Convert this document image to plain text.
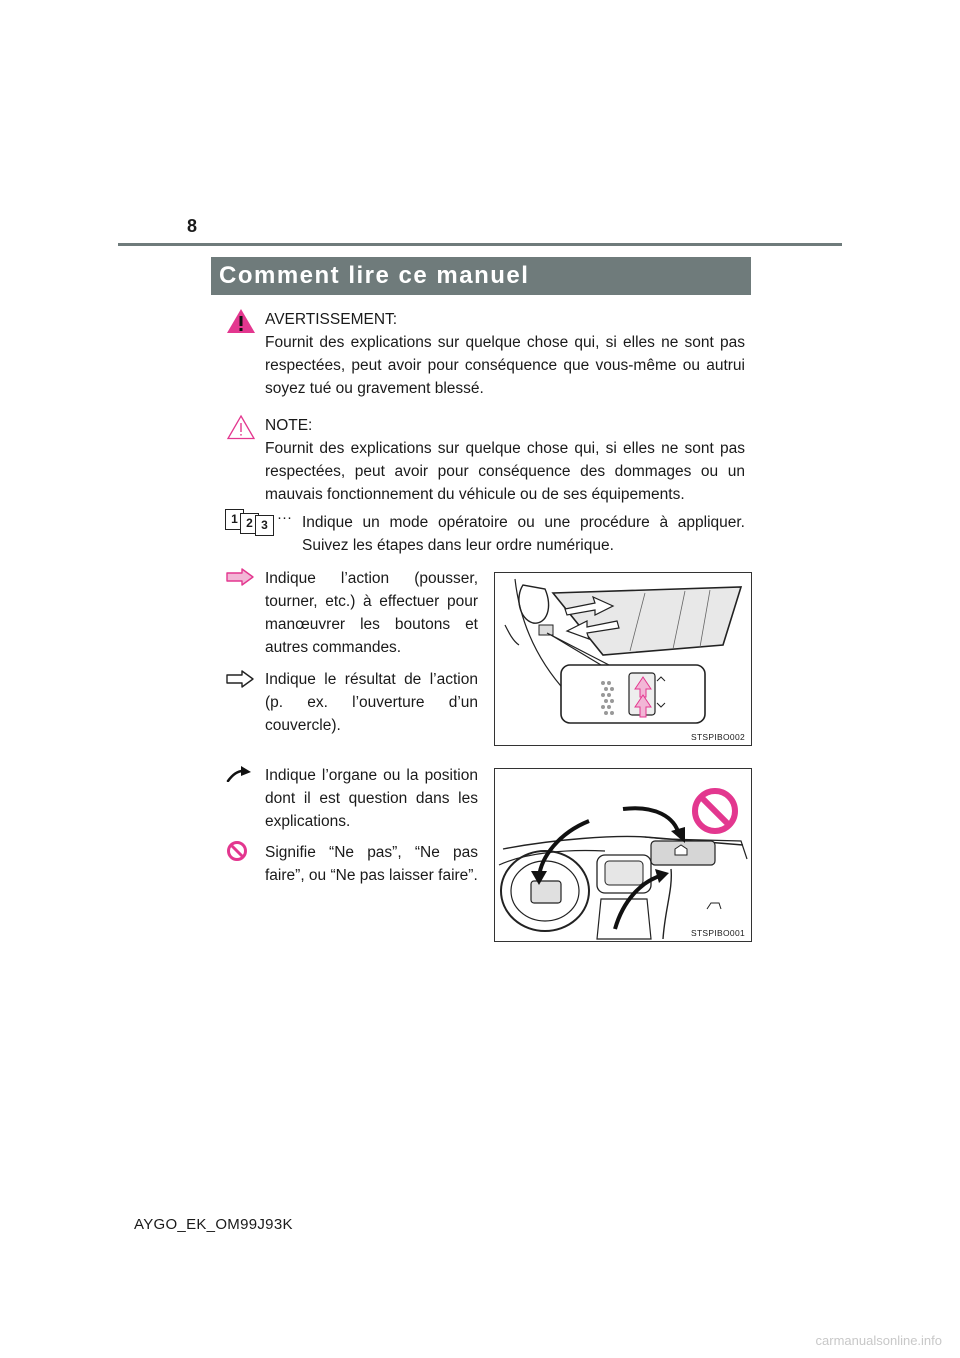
8
Comment lire ce manuel
AVERTISSEMENT:
Fournit des explications sur quelque chose qui, si elles ne sont pas respectées, peut avoir pour conséquence que vous-même ou autrui soyez tué ou gravement blessé.
NOTE:
Fournit des explications sur quelque chose qui, si elles ne sont pas respectées, peut avoir pour conséquence des dommages ou un mauvais fonctionnement du véhicule ou de ses équipements.
1 2 3 ··· Indique un mode opératoire ou une procédure à appliquer. Suivez les étapes dans leur ordre numérique.
Indique l’action (pousser, tourner, etc.) à effectuer pour manœuvrer les boutons et autres commandes.
Indique le résultat de l’action (p. ex. l’ouverture d’un couvercle).
STSPIBO002
Indique l’organe ou la position dont il est question dans les explications.
Signifie “Ne pas”, “Ne pas faire”, ou “Ne pas laisser faire”.
STSPIBO001
AYGO_EK_OM99J93K
carmanualsonline.info
